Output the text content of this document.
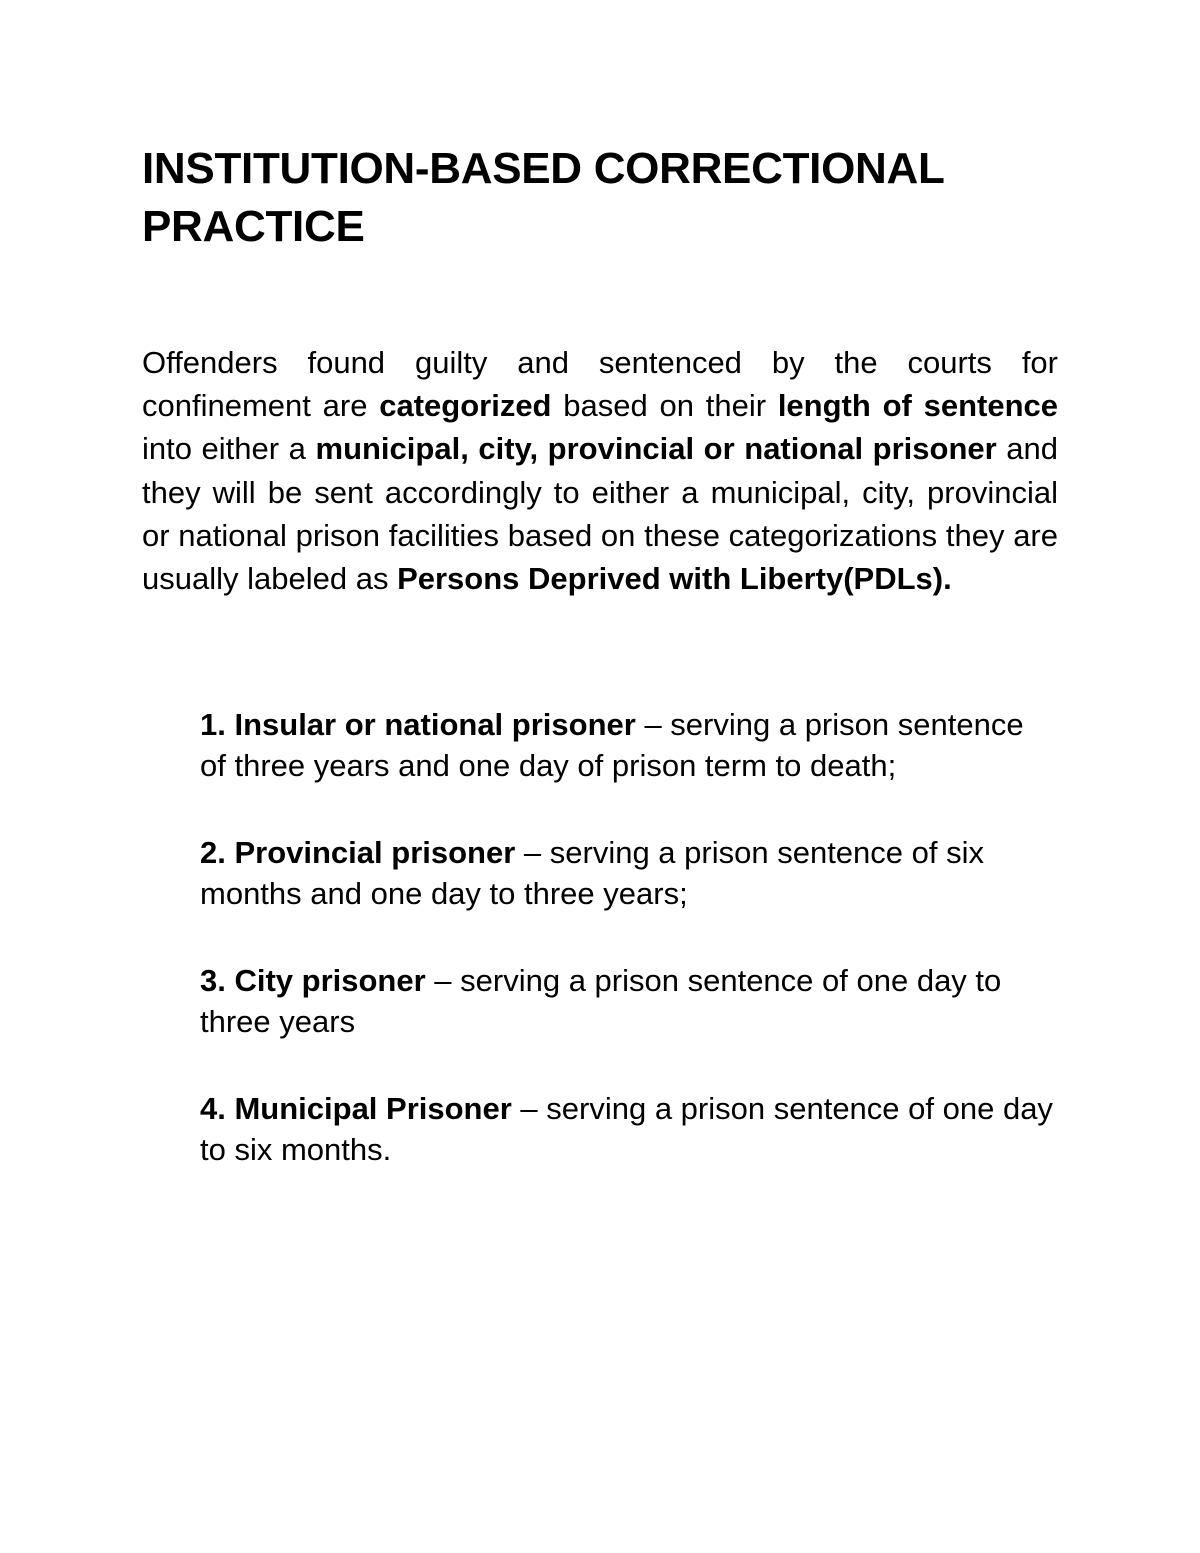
INSTITUTION-BASED CORRECTIONAL PRACTICE

Offenders found guilty and sentenced by the courts for confinement are categorized based on their length of sentence into either a municipal, city, provincial or national prisoner and they will be sent accordingly to either a municipal, city, provincial or national prison facilities based on these categorizations they are usually labeled as Persons Deprived with Liberty(PDLs).

1. Insular or national prisoner – serving a prison sentence of three years and one day of prison term to death;
2. Provincial prisoner – serving a prison sentence of six months and one day to three years;
3. City prisoner – serving a prison sentence of one day to three years
4. Municipal Prisoner – serving a prison sentence of one day to six months.
